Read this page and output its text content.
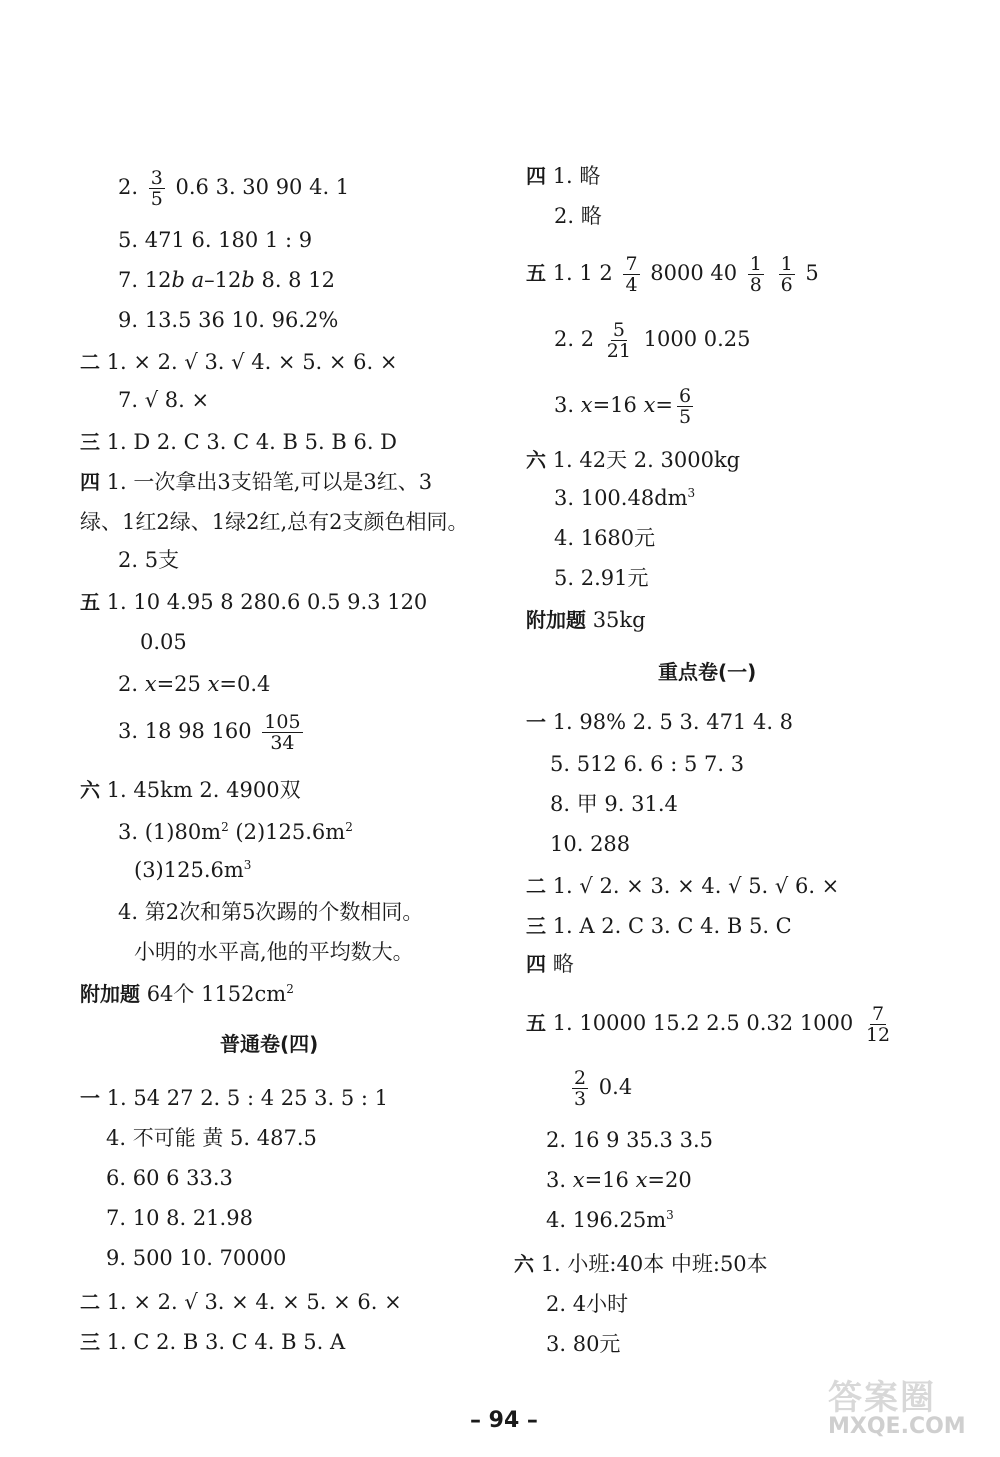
2. $\frac{3}{5} 0.6$ 3. 30 90 4. 1
5. 471 6. 180 1 : 9
7. 12b a–12b 8. 8 12
9. 13.5 36 10. 96.2%
二 1. × 2. √ 3. √ 4. × 5. × 6. ×
7. √ 8. ×
三 1. D 2. C 3. C 4. B 5. B 6. D
四 1. 一次拿出3支铅笔,可以是3红、3
绿、1红2绿、1绿2红,总有2支颜色相同。
2. 5支
五 1. 10 4.95 8 280.6 0.5 9.3 120
0.05
2. x=25 x=0.4
3. 18 98 $160 \frac{105}{34}$
六 1. 45km 2. 4900双
3. $(1)80m^2$ $(2)125.6m^2$
$(3)125.6m^3$
4. 第2次和第5次踢的个数相同。
小明的水平高,他的平均数大。
附加题 64个 $1152cm^2$
普通卷(四)
一 1. 54 27 2. 5 : 4 25 3. 5 : 1
4. 不可能 黄 5. 487.5
6. 60 6 33.3
7. 10 8. 21.98
9. 500 10. 70000
二 1. × 2. √ 3. × 4. × 5. × 6. ×
三 1. C 2. B 3. C 4. B 5. A
四 1. 略
2. 略
五 1. 1 $2 \frac{7}{4} 8000$ $40 \frac{1}{8}$
$\frac{1}{6} 5$
2. $2 \frac{5}{21} 1000$ 0.25
3. x=16 $x= \frac{6}{5}$
六 1. 42天 2. 3000kg
3. $100.48dm^3$
4. 1680元
5. 2.91元
附加题 35kg
重点卷(一)
一 1. 98% 2. 5 3. 471 4. 8
5. 512 6. 6 : 5 7. 3
8. 甲 9. 31.4
10. 288
二 1. √ 2. × 3. × 4. √ 5. √ 6. ×
三 1. A 2. C 3. C 4. B 5. C
四 略
五 1. 10000 15.2 2.5 0.32 $1000 \frac{7}{12}$
$\frac{2}{3} 0.4$
2. 16 9 35.3 3.5
3. x=16 x=20
4. $196.25m^3$
六 1. 小班:40本 中班:50本
2. 4小时
3. 80元
– 94 –
答案圈
MXQE.COM
